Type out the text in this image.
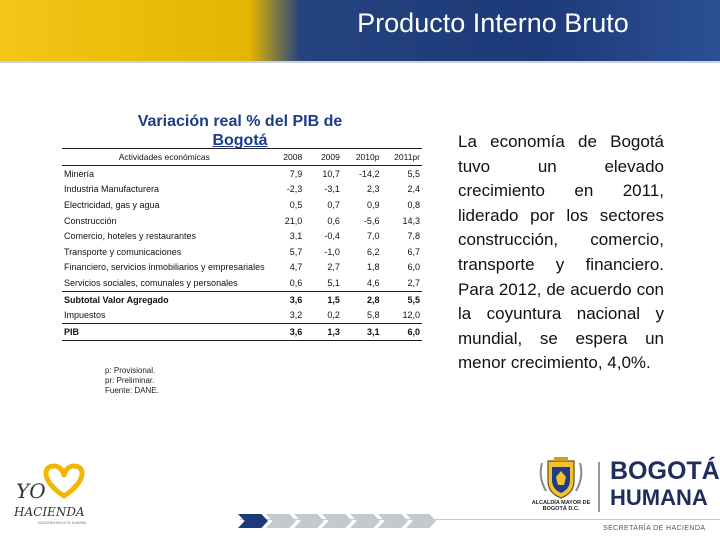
Producto Interno Bruto
Variación real % del PIB de
Bogotá
Actividades económicas	2008	2009	2010p	2011pr
Minería	7,9	10,7	-14,2	5,5
Industria Manufacturera	-2,3	-3,1	2,3	2,4
Electricidad, gas y agua	0,5	0,7	0,9	0,8
Construcción	21,0	0,6	-5,6	14,3
Comercio, hoteles y restaurantes	3,1	-0,4	7,0	7,8
Transporte y comunicaciones	5,7	-1,0	6,2	6,7
Financiero, servicios inmobiliarios y empresariales	4,7	2,7	1,8	6,0
Servicios sociales, comunales y personales	0,6	5,1	4,6	2,7
Subtotal Valor Agregado	3,6	1,5	2,8	5,5
Impuestos	3,2	0,2	5,8	12,0
PIB	3,6	1,3	3,1	6,0
p: Provisional.
pr: Preliminar.
Fuente: DANE.

La economía de Bogotá tuvo un elevado crecimiento en 2011, liderado por los sectores construcción, comercio, transporte y financiero. Para 2012, de acuerdo con la coyuntura nacional y mundial, se espera un menor crecimiento, 4,0%.

YO
HACIENDA
HACIENDA BOGOTÁ HUMANA
ALCALDÍA MAYOR DE BOGOTÁ D.C.
BOGOTÁ
HUMANA
SECRETARÍA DE HACIENDA
